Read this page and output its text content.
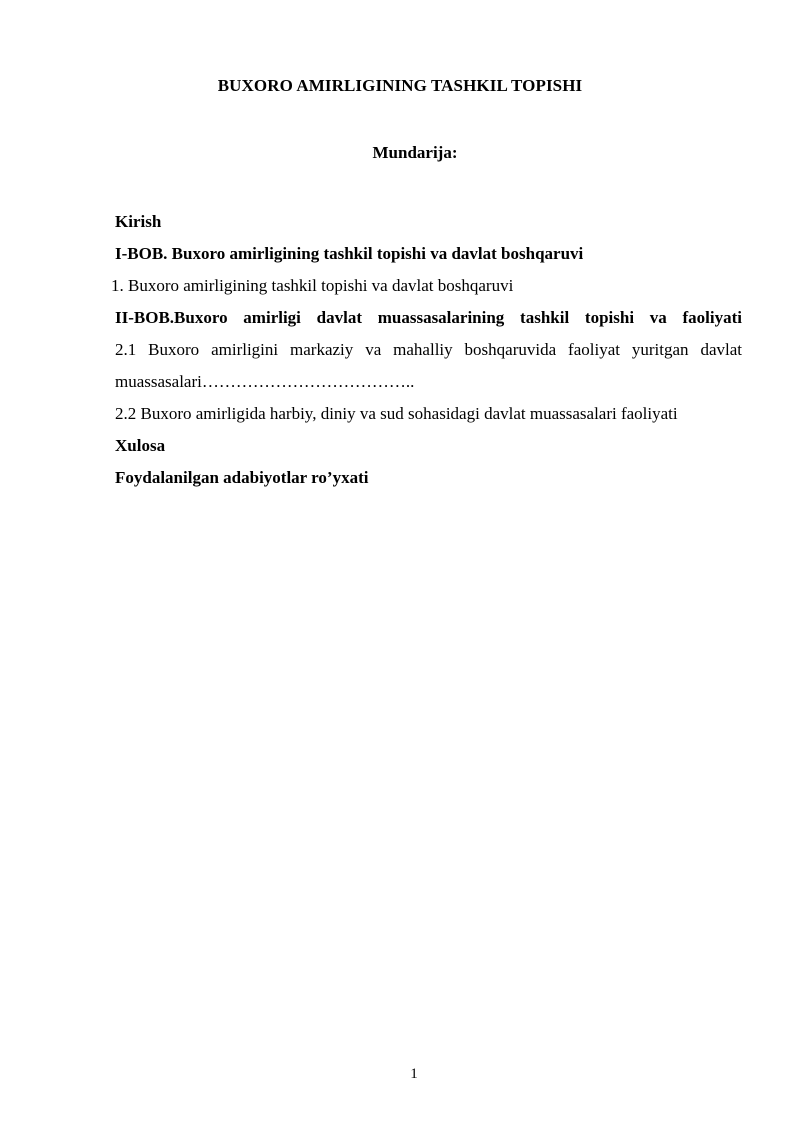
BUXORO AMIRLIGINING TASHKIL TOPISHI
Mundarija:
Kirish
I-BOB. Buxoro amirligining tashkil topishi va davlat boshqaruvi
1. Buxoro amirligining tashkil topishi va davlat boshqaruvi
II-BOB.Buxoro amirligi davlat muassasalarining tashkil topishi va faoliyati
2.1 Buxoro amirligini markaziy va mahalliy boshqaruvida faoliyat yuritgan davlat muassasalari………………………………..
2.2 Buxoro amirligida harbiy, diniy va sud sohasidagi davlat muassasalari faoliyati
Xulosa
Foydalanilgan adabiyotlar ro’yxati
1
